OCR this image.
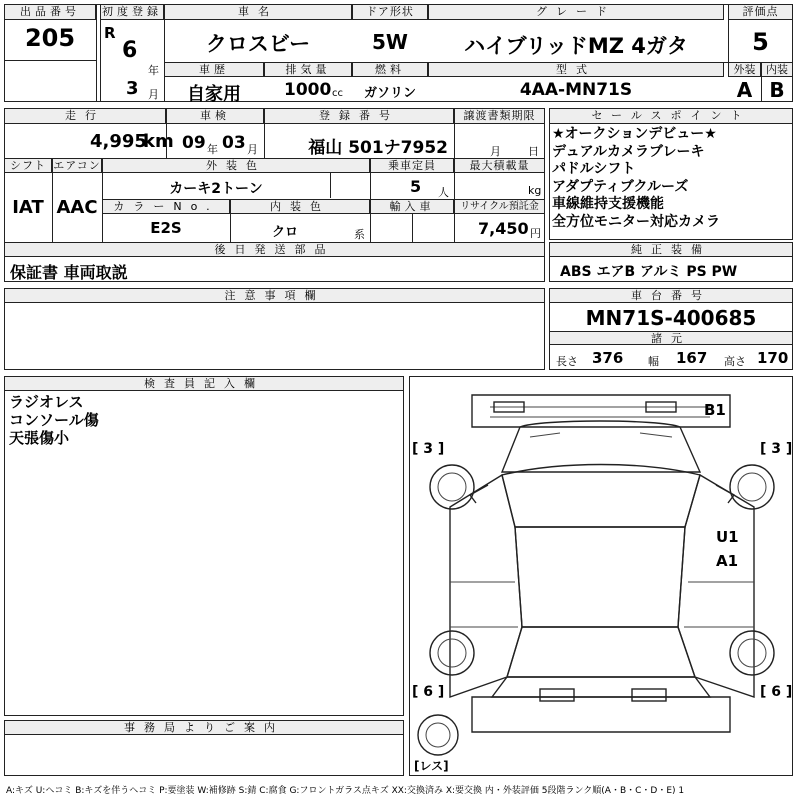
出品番号
205
初度登録
R
6
年
3 月
車名
クロスビー
ドア形状
5W
グレード
ハイブリッドMZ 4ガタ
評価点
5
車歴
自家用
排気量
1000 cc
燃料
ガソリン
型式
4AA-MN71S
外装 内装
A B
走行
4,995
km
車検
09 年 03 月
登録番号
福山 501ナ7952
譲渡書類期限
月 日
シフト
IAT
エアコン
AAC
外装色
カーキ2トーン
乗車定員
5 人
最大積載量
kg
カラーNo.
E2S
内装色
クロ	系
輸入車	リサイクル預託金
7,450 円
後日発送部品
保証書 車両取説
セールスポイント
★オークションデビュー★
デュアルカメラブレーキ
パドルシフト
アダプティブクルーズ
車線維持支援機能
全方位モニター対応カメラ
純正装備
ABS エアB アルミ PS PW
注意事項欄	車台番号
MN71S-400685
諸元
長さ 376 幅 167 高さ 170
検査員記入欄
ラジオレス
コンソール傷
天張傷小
事務局よりご案内
B1
U1
A1
[ 3 ]	[ 3 ]
[ 6 ]	[ 6 ]
[レス]
A:キズ U:ヘコミ B:キズを伴うヘコミ P:要塗装 W:補修跡 S:錆 C:腐食 G:フロントガラス点キズ XX:交換済み X:要交換 内・外装評価 5段階ランク順(A・B・C・D・E) 1
